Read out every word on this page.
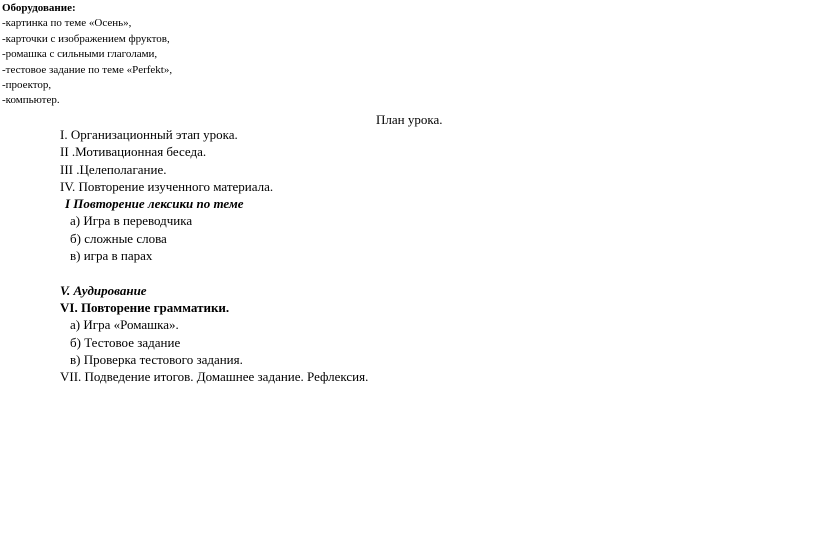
Оборудование:
-картинка по теме «Осень»,
-карточки с изображением фруктов,
-ромашка с сильными глаголами,
-тестовое задание по теме «Perfekt»,
-проектор,
-компьютер.
План урока.
I. Организационный этап урока.
II .Мотивационная беседа.
III .Целеполагание.
IV. Повторение изученного материала.
I Повторение лексики по теме
а) Игра в переводчика
б) сложные слова
в) игра в парах
V. Аудирование
VI. Повторение грамматики.
а) Игра «Ромашка».
б) Тестовое задание
в) Проверка тестового задания.
VII. Подведение итогов. Домашнее задание. Рефлексия.
